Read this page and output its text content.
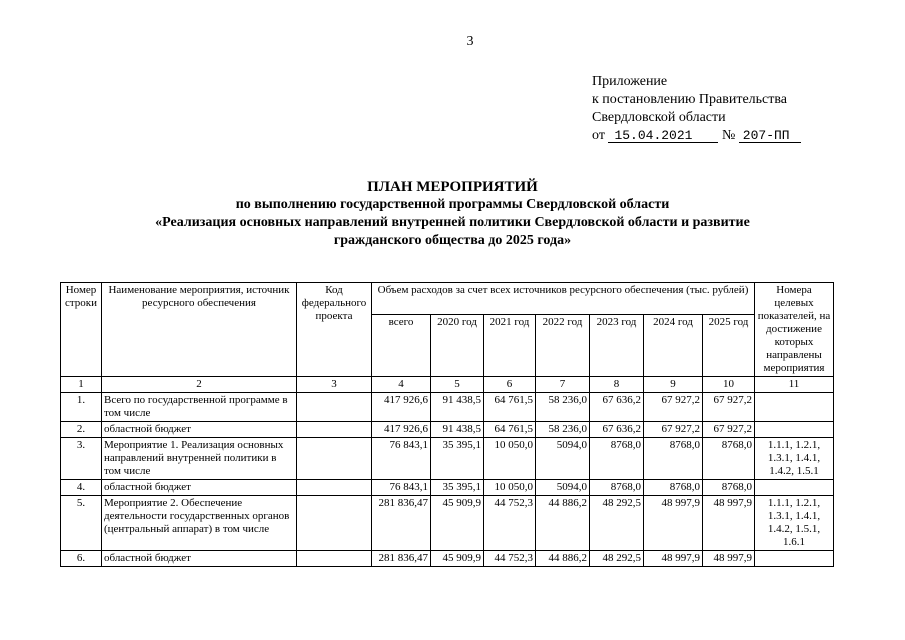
3
Приложение
к постановлению Правительства
Свердловской области
от 15.04.2021 № 207-ПП
ПЛАН МЕРОПРИЯТИЙ
по выполнению государственной программы Свердловской области
«Реализация основных направлений внутренней политики Свердловской области и развитие
гражданского общества до 2025 года»
Номер строки	Наименование мероприятия, источник ресурсного обеспечения	Код федерального проекта	Объем расходов за счет всех источников ресурсного обеспечения (тыс. рублей)							Номера целевых показателей, на достижение которых направлены мероприятия
			всего	2020 год	2021 год	2022 год	2023 год	2024 год	2025 год	
1	2	3	4	5	6	7	8	9	10	11
1.	Всего по государственной программе в том числе		417 926,6	91 438,5	64 761,5	58 236,0	67 636,2	67 927,2	67 927,2	
2.	областной бюджет		417 926,6	91 438,5	64 761,5	58 236,0	67 636,2	67 927,2	67 927,2	
3.	Мероприятие 1. Реализация основных направлений внутренней политики в том числе		76 843,1	35 395,1	10 050,0	5094,0	8768,0	8768,0	8768,0	1.1.1, 1.2.1, 1.3.1, 1.4.1, 1.4.2, 1.5.1
4.	областной бюджет		76 843,1	35 395,1	10 050,0	5094,0	8768,0	8768,0	8768,0	
5.	Мероприятие 2. Обеспечение деятельности государственных органов (центральный аппарат) в том числе		281 836,47	45 909,9	44 752,3	44 886,2	48 292,5	48 997,9	48 997,9	1.1.1, 1.2.1, 1.3.1, 1.4.1, 1.4.2, 1.5.1, 1.6.1
6.	областной бюджет		281 836,47	45 909,9	44 752,3	44 886,2	48 292,5	48 997,9	48 997,9	
